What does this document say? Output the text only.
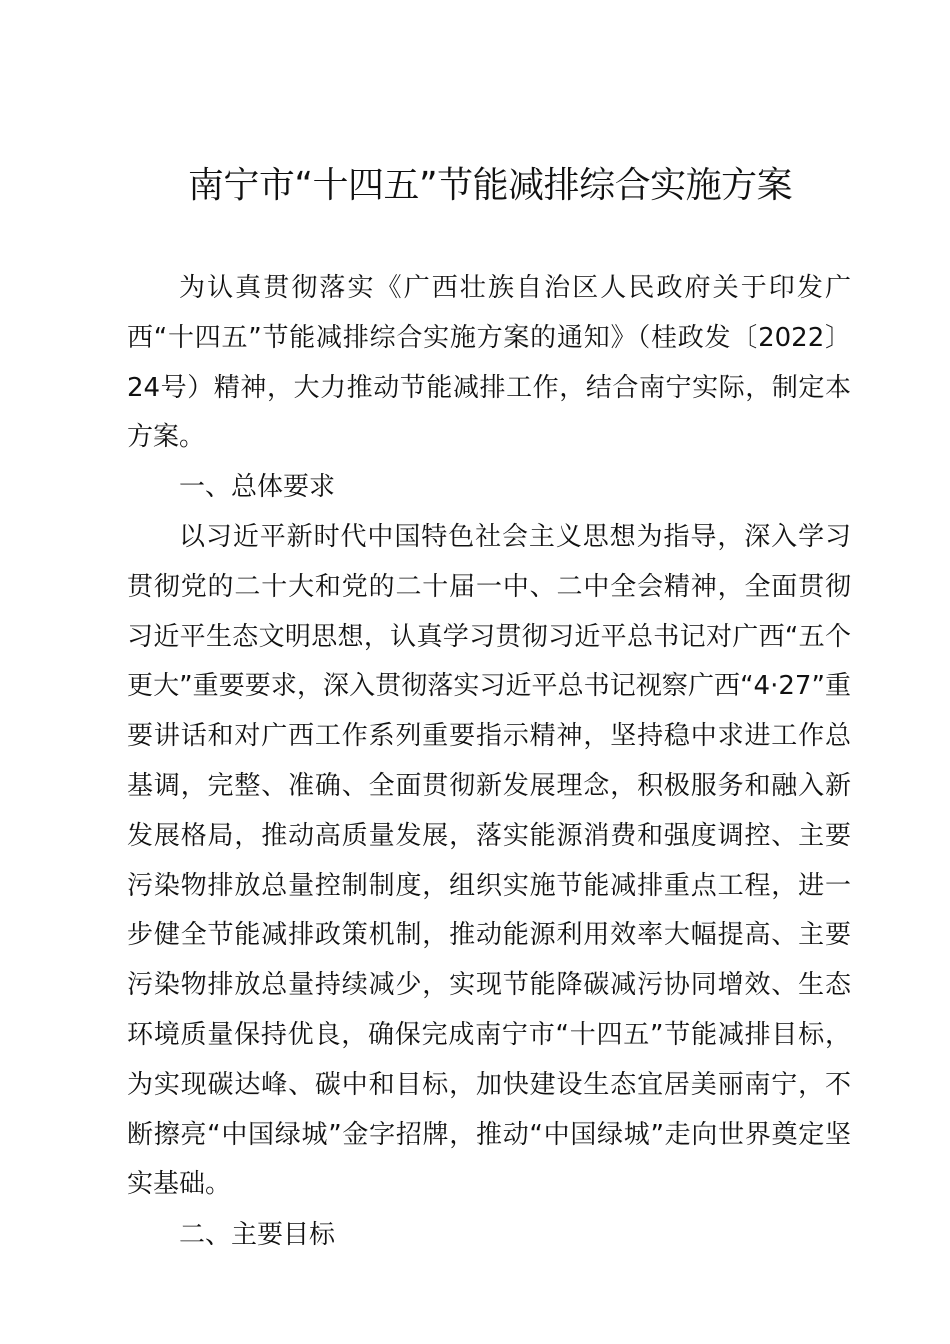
南宁市“十四五”节能减排综合实施方案

为认真贯彻落实《广西壮族自治区人民政府关于印发广西“十四五”节能减排综合实施方案的通知》（桂政发〔2022〕24号）精神，大力推动节能减排工作，结合南宁实际，制定本方案。

一、总体要求

以习近平新时代中国特色社会主义思想为指导，深入学习贯彻党的二十大和党的二十届一中、二中全会精神，全面贯彻习近平生态文明思想，认真学习贯彻习近平总书记对广西“五个更大”重要要求，深入贯彻落实习近平总书记视察广西“4·27”重要讲话和对广西工作系列重要指示精神，坚持稳中求进工作总基调，完整、准确、全面贯彻新发展理念，积极服务和融入新发展格局，推动高质量发展，落实能源消费和强度调控、主要污染物排放总量控制制度，组织实施节能减排重点工程，进一步健全节能减排政策机制，推动能源利用效率大幅提高、主要污染物排放总量持续减少，实现节能降碳减污协同增效、生态环境质量保持优良，确保完成南宁市“十四五”节能减排目标，为实现碳达峰、碳中和目标，加快建设生态宜居美丽南宁，不断擦亮“中国绿城”金字招牌，推动“中国绿城”走向世界奠定坚实基础。

二、主要目标
